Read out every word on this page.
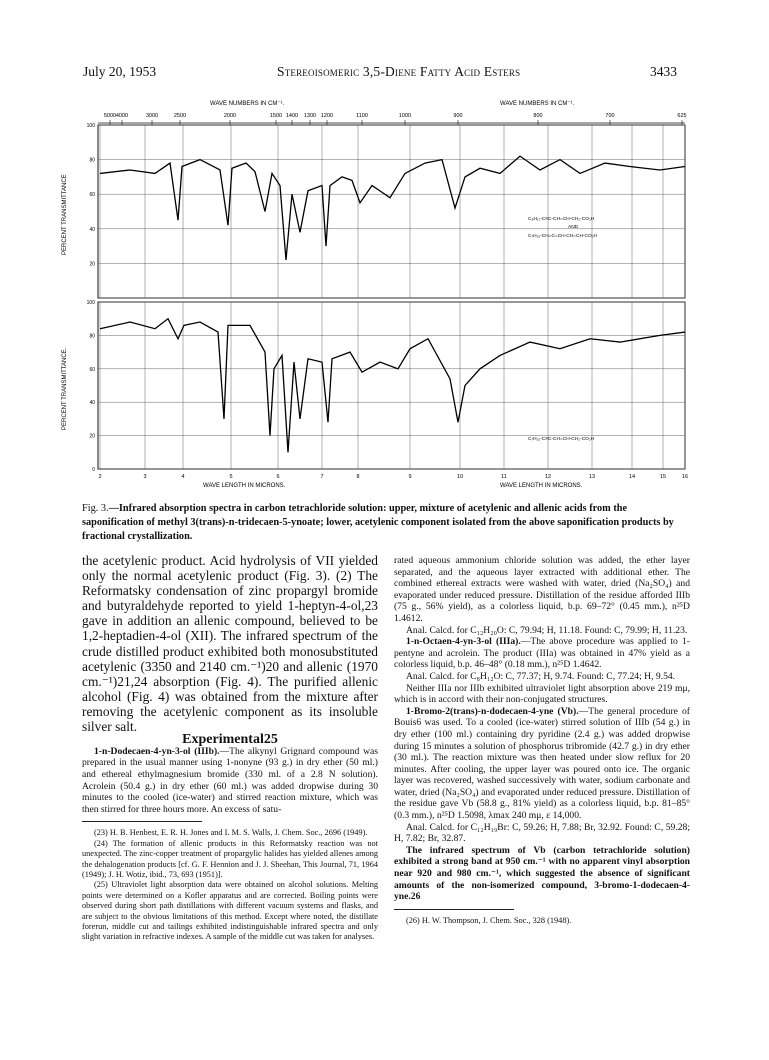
July 20, 1953	Stereoisomeric 3,5-Diene Fatty Acid Esters	3433
WAVE NUMBERS IN CM⁻¹.	WAVE NUMBERS IN CM⁻¹.
5000 4000	3000	2500	2000	1500 1400 1300 1200	1100	1000	900	800	700	625
PERCENT TRANSMITTANCE
100
80
60
40
20
C₈H₁₇-C≡C-CH=CH-CH₂-CO₂H
AND
C₇H₁₅-CH=C=CH-CH=CH-CO₂H
PERCENT TRANSMITTANCE.
100
80
60
40
20
0
C₇H₁₅-C≡C-CH=CH-CH₂-CO₂H
2	3	4	5	6	7	8	9	10	11	12	13	14	15	16
WAVE LENGTH IN MICRONS.	WAVE LENGTH IN MICRONS.
Fig. 3.—Infrared absorption spectra in carbon tetrachloride solution: upper, mixture of acetylenic and allenic acids from the saponification of methyl 3(trans)-n-tridecaen-5-ynoate; lower, acetylenic component isolated from the above saponification products by fractional crystallization.

the acetylenic product. Acid hydrolysis of VII yielded only the normal acetylenic product (Fig. 3). (2) The Reformatsky condensation of zinc propargyl bromide and butyraldehyde reported to yield 1-heptyn-4-ol,23 gave in addition an allenic compound, believed to be 1,2-heptadien-4-ol (XII). The infrared spectrum of the crude distilled product exhibited both monosubstituted acetylenic (3350 and 2140 cm.⁻¹)20 and allenic (1970 cm.⁻¹)21,24 absorption (Fig. 4). The purified allenic alcohol (Fig. 4) was obtained from the mixture after removing the acetylenic component as its insoluble silver salt.

Experimental25

1-n-Dodecaen-4-yn-3-ol (IIIb).—The alkynyl Grignard compound was prepared in the usual manner using 1-nonyne (93 g.) in dry ether (50 ml.) and ethereal ethylmagnesium bromide (330 ml. of a 2.8 N solution). Acrolein (50.4 g.) in dry ether (60 ml.) was added dropwise during 30 minutes to the cooled (ice-water) and stirred reaction mixture, which was then stirred for three hours more. An excess of satu-

(23) H. B. Henbest, E. R. H. Jones and I. M. S. Walls, J. Chem. Soc., 2696 (1949).

(24) The formation of allenic products in this Reformatsky reaction was not unexpected. The zinc-copper treatment of propargylic halides has yielded allenes among the dehalogenation products [cf. G. F. Hennion and J. J. Sheehan, This Journal, 71, 1964 (1949); J. H. Wotiz, ibid., 73, 693 (1951)].

(25) Ultraviolet light absorption data were obtained on alcohol solutions. Melting points were determined on a Kofler apparatus and are corrected. Boiling points were observed during short path distillations with different vacuum systems and flasks, and are subject to the obvious limitations of this method. Except where noted, the distillate forerun, middle cut and tailings exhibited indistinguishable infrared spectra and only slight variation in refractive indexes. A sample of the middle cut was taken for analyses.

rated aqueous ammonium chloride solution was added, the ether layer separated, and the aqueous layer extracted with additional ether. The combined ethereal extracts were washed with water, dried (Na₂SO₄) and evaporated under reduced pressure. Distillation of the residue afforded IIIb (75 g., 56% yield), as a colorless liquid, b.p. 69–72° (0.45 mm.), n²⁵D 1.4612.

Anal. Calcd. for C₁₂H₂₀O: C, 79.94; H, 11.18. Found: C, 79.99; H, 11.23.

1-n-Octaen-4-yn-3-ol (IIIa).—The above procedure was applied to 1-pentyne and acrolein. The product (IIIa) was obtained in 47% yield as a colorless liquid, b.p. 46–48° (0.18 mm.), n²⁵D 1.4642.

Anal. Calcd. for C₈H₁₂O: C, 77.37; H, 9.74. Found: C, 77.24; H, 9.54.

Neither IIIa nor IIIb exhibited ultraviolet light absorption above 219 mμ, which is in accord with their non-conjugated structures.

1-Bromo-2(trans)-n-dodecaen-4-yne (Vb).—The general procedure of Bouis6 was used. To a cooled (ice-water) stirred solution of IIIb (54 g.) in dry ether (100 ml.) containing dry pyridine (2.4 g.) was added dropwise during 15 minutes a solution of phosphorus tribromide (42.7 g.) in dry ether (30 ml.). The reaction mixture was then heated under slow reflux for 20 minutes. After cooling, the upper layer was poured onto ice. The organic layer was recovered, washed successively with water, sodium carbonate and water, dried (Na₂SO₄) and evaporated under reduced pressure. Distillation of the residue gave Vb (58.8 g., 81% yield) as a colorless liquid, b.p. 81–85° (0.3 mm.), n²⁵D 1.5098, λmax 240 mμ, ε 14,000.

Anal. Calcd. for C₁₂H₁₉Br: C, 59.26; H, 7.88; Br, 32.92. Found: C, 59.28; H, 7.82; Br, 32.87.

The infrared spectrum of Vb (carbon tetrachloride solution) exhibited a strong band at 950 cm.⁻¹ with no apparent vinyl absorption near 920 and 980 cm.⁻¹, which suggested the absence of significant amounts of the non-isomerized compound, 3-bromo-1-dodecaen-4-yne.26

(26) H. W. Thompson, J. Chem. Soc., 328 (1948).
